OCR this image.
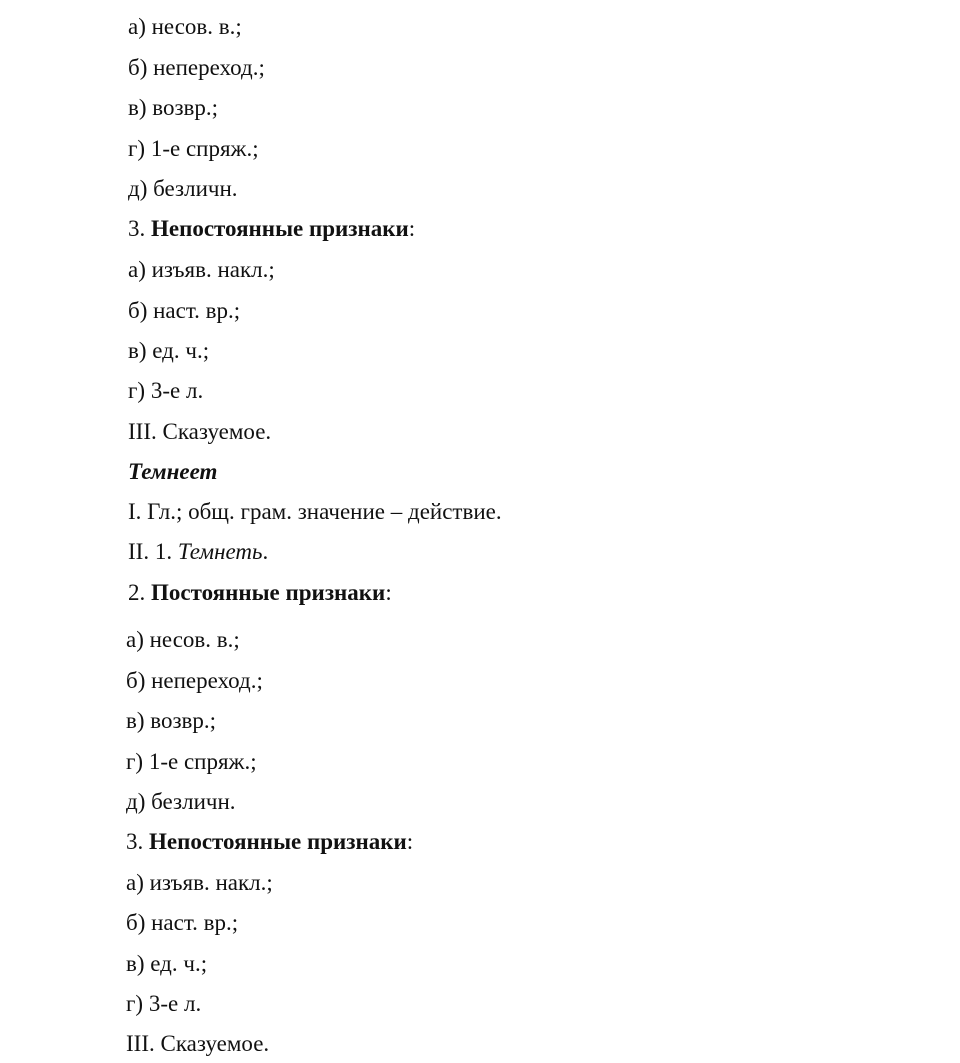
а) несов. в.;
б) непереход.;
в) возвр.;
г) 1-е спряж.;
д) безличн.
3. Непостоянные признаки:
а) изъяв. накл.;
б) наст. вр.;
в) ед. ч.;
г) 3-е л.
III. Сказуемое.
Темнеет
I. Гл.; общ. грам. значение – действие.
II. 1. Темнеть.
2. Постоянные признаки:
а) несов. в.;
б) непереход.;
в) возвр.;
г) 1-е спряж.;
д) безличн.
3. Непостоянные признаки:
а) изъяв. накл.;
б) наст. вр.;
в) ед. ч.;
г) 3-е л.
III. Сказуемое.
